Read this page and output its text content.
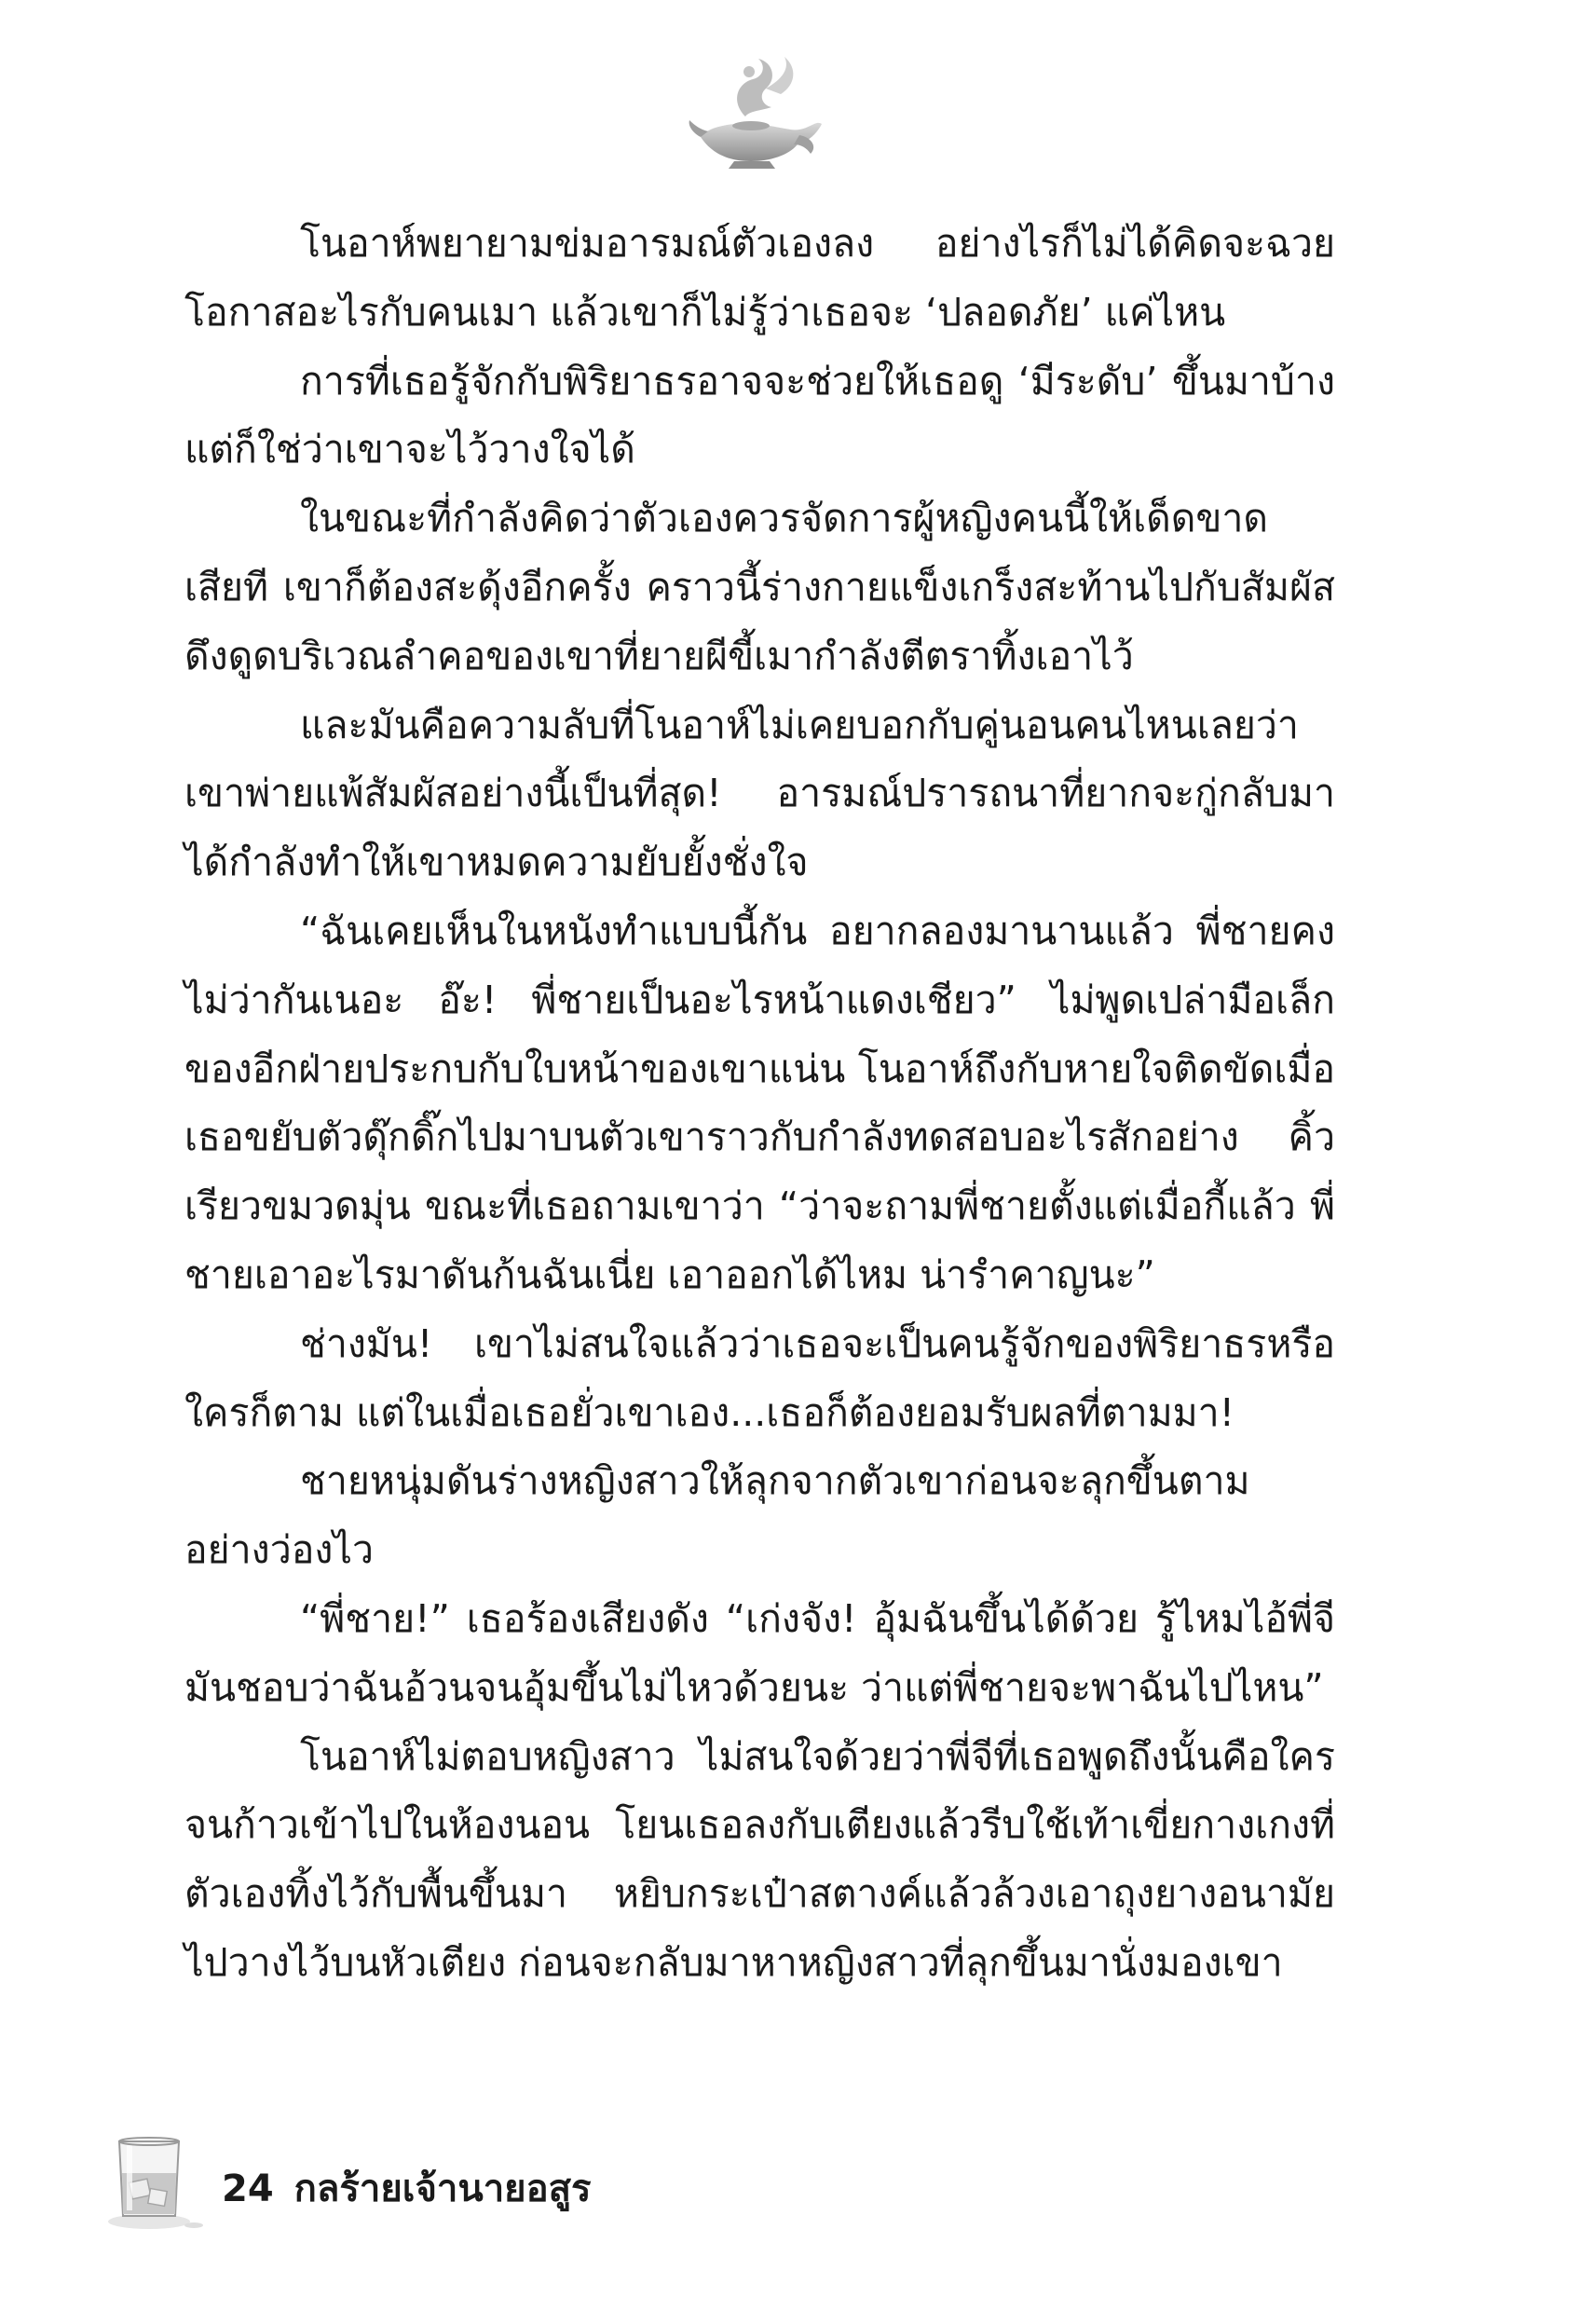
โนอาห์พยายามข่มอารมณ์ตัวเองลง อย่างไรก็ไม่ได้คิดจะฉวยโอกาสอะไรกับคนเมา แล้วเขาก็ไม่รู้ว่าเธอจะ ‘ปลอดภัย’ แค่ไหน

การที่เธอรู้จักกับพิริยาธรอาจจะช่วยให้เธอดู ‘มีระดับ’ ขึ้นมาบ้าง แต่ก็ใช่ว่าเขาจะไว้วางใจได้

ในขณะที่กำลังคิดว่าตัวเองควรจัดการผู้หญิงคนนี้ให้เด็ดขาดเสียที เขาก็ต้องสะดุ้งอีกครั้ง คราวนี้ร่างกายแข็งเกร็งสะท้านไปกับสัมผัสดึงดูดบริเวณลำคอของเขาที่ยายผีขี้เมากำลังตีตราทิ้งเอาไว้

และมันคือความลับที่โนอาห์ไม่เคยบอกกับคู่นอนคนไหนเลยว่าเขาพ่ายแพ้สัมผัสอย่างนี้เป็นที่สุด! อารมณ์ปรารถนาที่ยากจะกู่กลับมาได้กำลังทำให้เขาหมดความยับยั้งชั่งใจ

“ฉันเคยเห็นในหนังทำแบบนี้กัน อยากลองมานานแล้ว พี่ชายคงไม่ว่ากันเนอะ อ๊ะ! พี่ชายเป็นอะไรหน้าแดงเชียว” ไม่พูดเปล่ามือเล็กของอีกฝ่ายประกบกับใบหน้าของเขาแน่น โนอาห์ถึงกับหายใจติดขัดเมื่อเธอขยับตัวดุ๊กดิ๊กไปมาบนตัวเขาราวกับกำลังทดสอบอะไรสักอย่าง คิ้วเรียวขมวดมุ่น ขณะที่เธอถามเขาว่า “ว่าจะถามพี่ชายตั้งแต่เมื่อกี้แล้ว พี่ชายเอาอะไรมาดันก้นฉันเนี่ย เอาออกได้ไหม น่ารำคาญนะ”

ช่างมัน! เขาไม่สนใจแล้วว่าเธอจะเป็นคนรู้จักของพิริยาธรหรือใครก็ตาม แต่ในเมื่อเธอยั่วเขาเอง...เธอก็ต้องยอมรับผลที่ตามมา!

ชายหนุ่มดันร่างหญิงสาวให้ลุกจากตัวเขาก่อนจะลุกขึ้นตามอย่างว่องไว

“พี่ชาย!” เธอร้องเสียงดัง “เก่งจัง! อุ้มฉันขึ้นได้ด้วย รู้ไหมไอ้พี่จีมันชอบว่าฉันอ้วนจนอุ้มขึ้นไม่ไหวด้วยนะ ว่าแต่พี่ชายจะพาฉันไปไหน”

โนอาห์ไม่ตอบหญิงสาว ไม่สนใจด้วยว่าพี่จีที่เธอพูดถึงนั้นคือใครจนก้าวเข้าไปในห้องนอน โยนเธอลงกับเตียงแล้วรีบใช้เท้าเขี่ยกางเกงที่ตัวเองทิ้งไว้กับพื้นขึ้นมา หยิบกระเป๋าสตางค์แล้วล้วงเอาถุงยางอนามัยไปวางไว้บนหัวเตียง ก่อนจะกลับมาหาหญิงสาวที่ลุกขึ้นมานั่งมองเขา

24 กลร้ายเจ้านายอสูร
